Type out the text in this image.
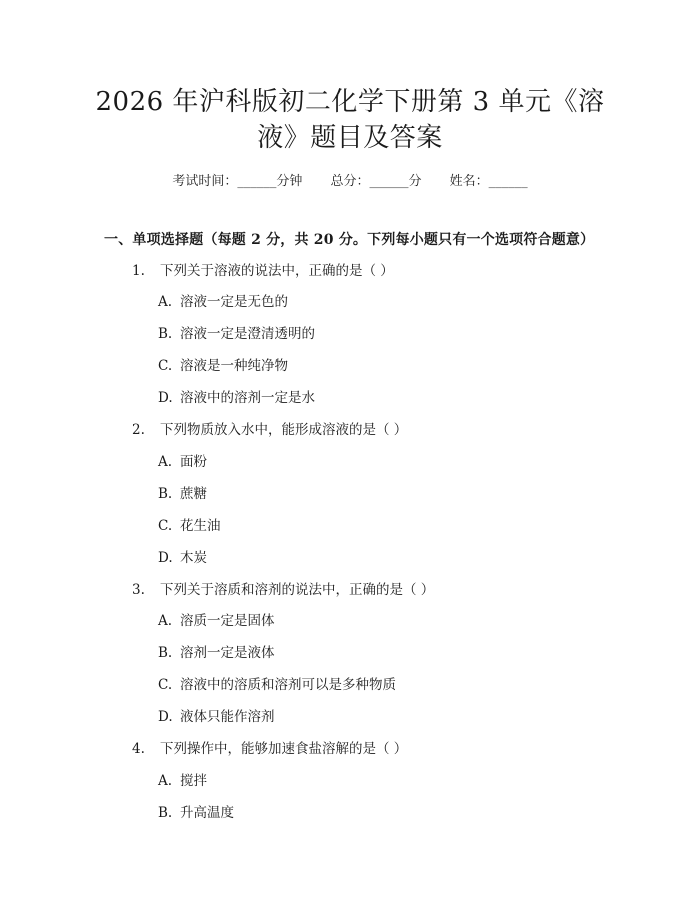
2026 年沪科版初二化学下册第 3 单元《溶
液》题目及答案
考试时间：______分钟 总分：______分 姓名：______
一、单项选择题（每题 2 分，共 20 分。下列每小题只有一个选项符合题意）
1. 下列关于溶液的说法中，正确的是（ ）
A. 溶液一定是无色的
B. 溶液一定是澄清透明的
C. 溶液是一种纯净物
D. 溶液中的溶剂一定是水
2. 下列物质放入水中，能形成溶液的是（ ）
A. 面粉
B. 蔗糖
C. 花生油
D. 木炭
3. 下列关于溶质和溶剂的说法中，正确的是（ ）
A. 溶质一定是固体
B. 溶剂一定是液体
C. 溶液中的溶质和溶剂可以是多种物质
D. 液体只能作溶剂
4. 下列操作中，能够加速食盐溶解的是（ ）
A. 搅拌
B. 升高温度
